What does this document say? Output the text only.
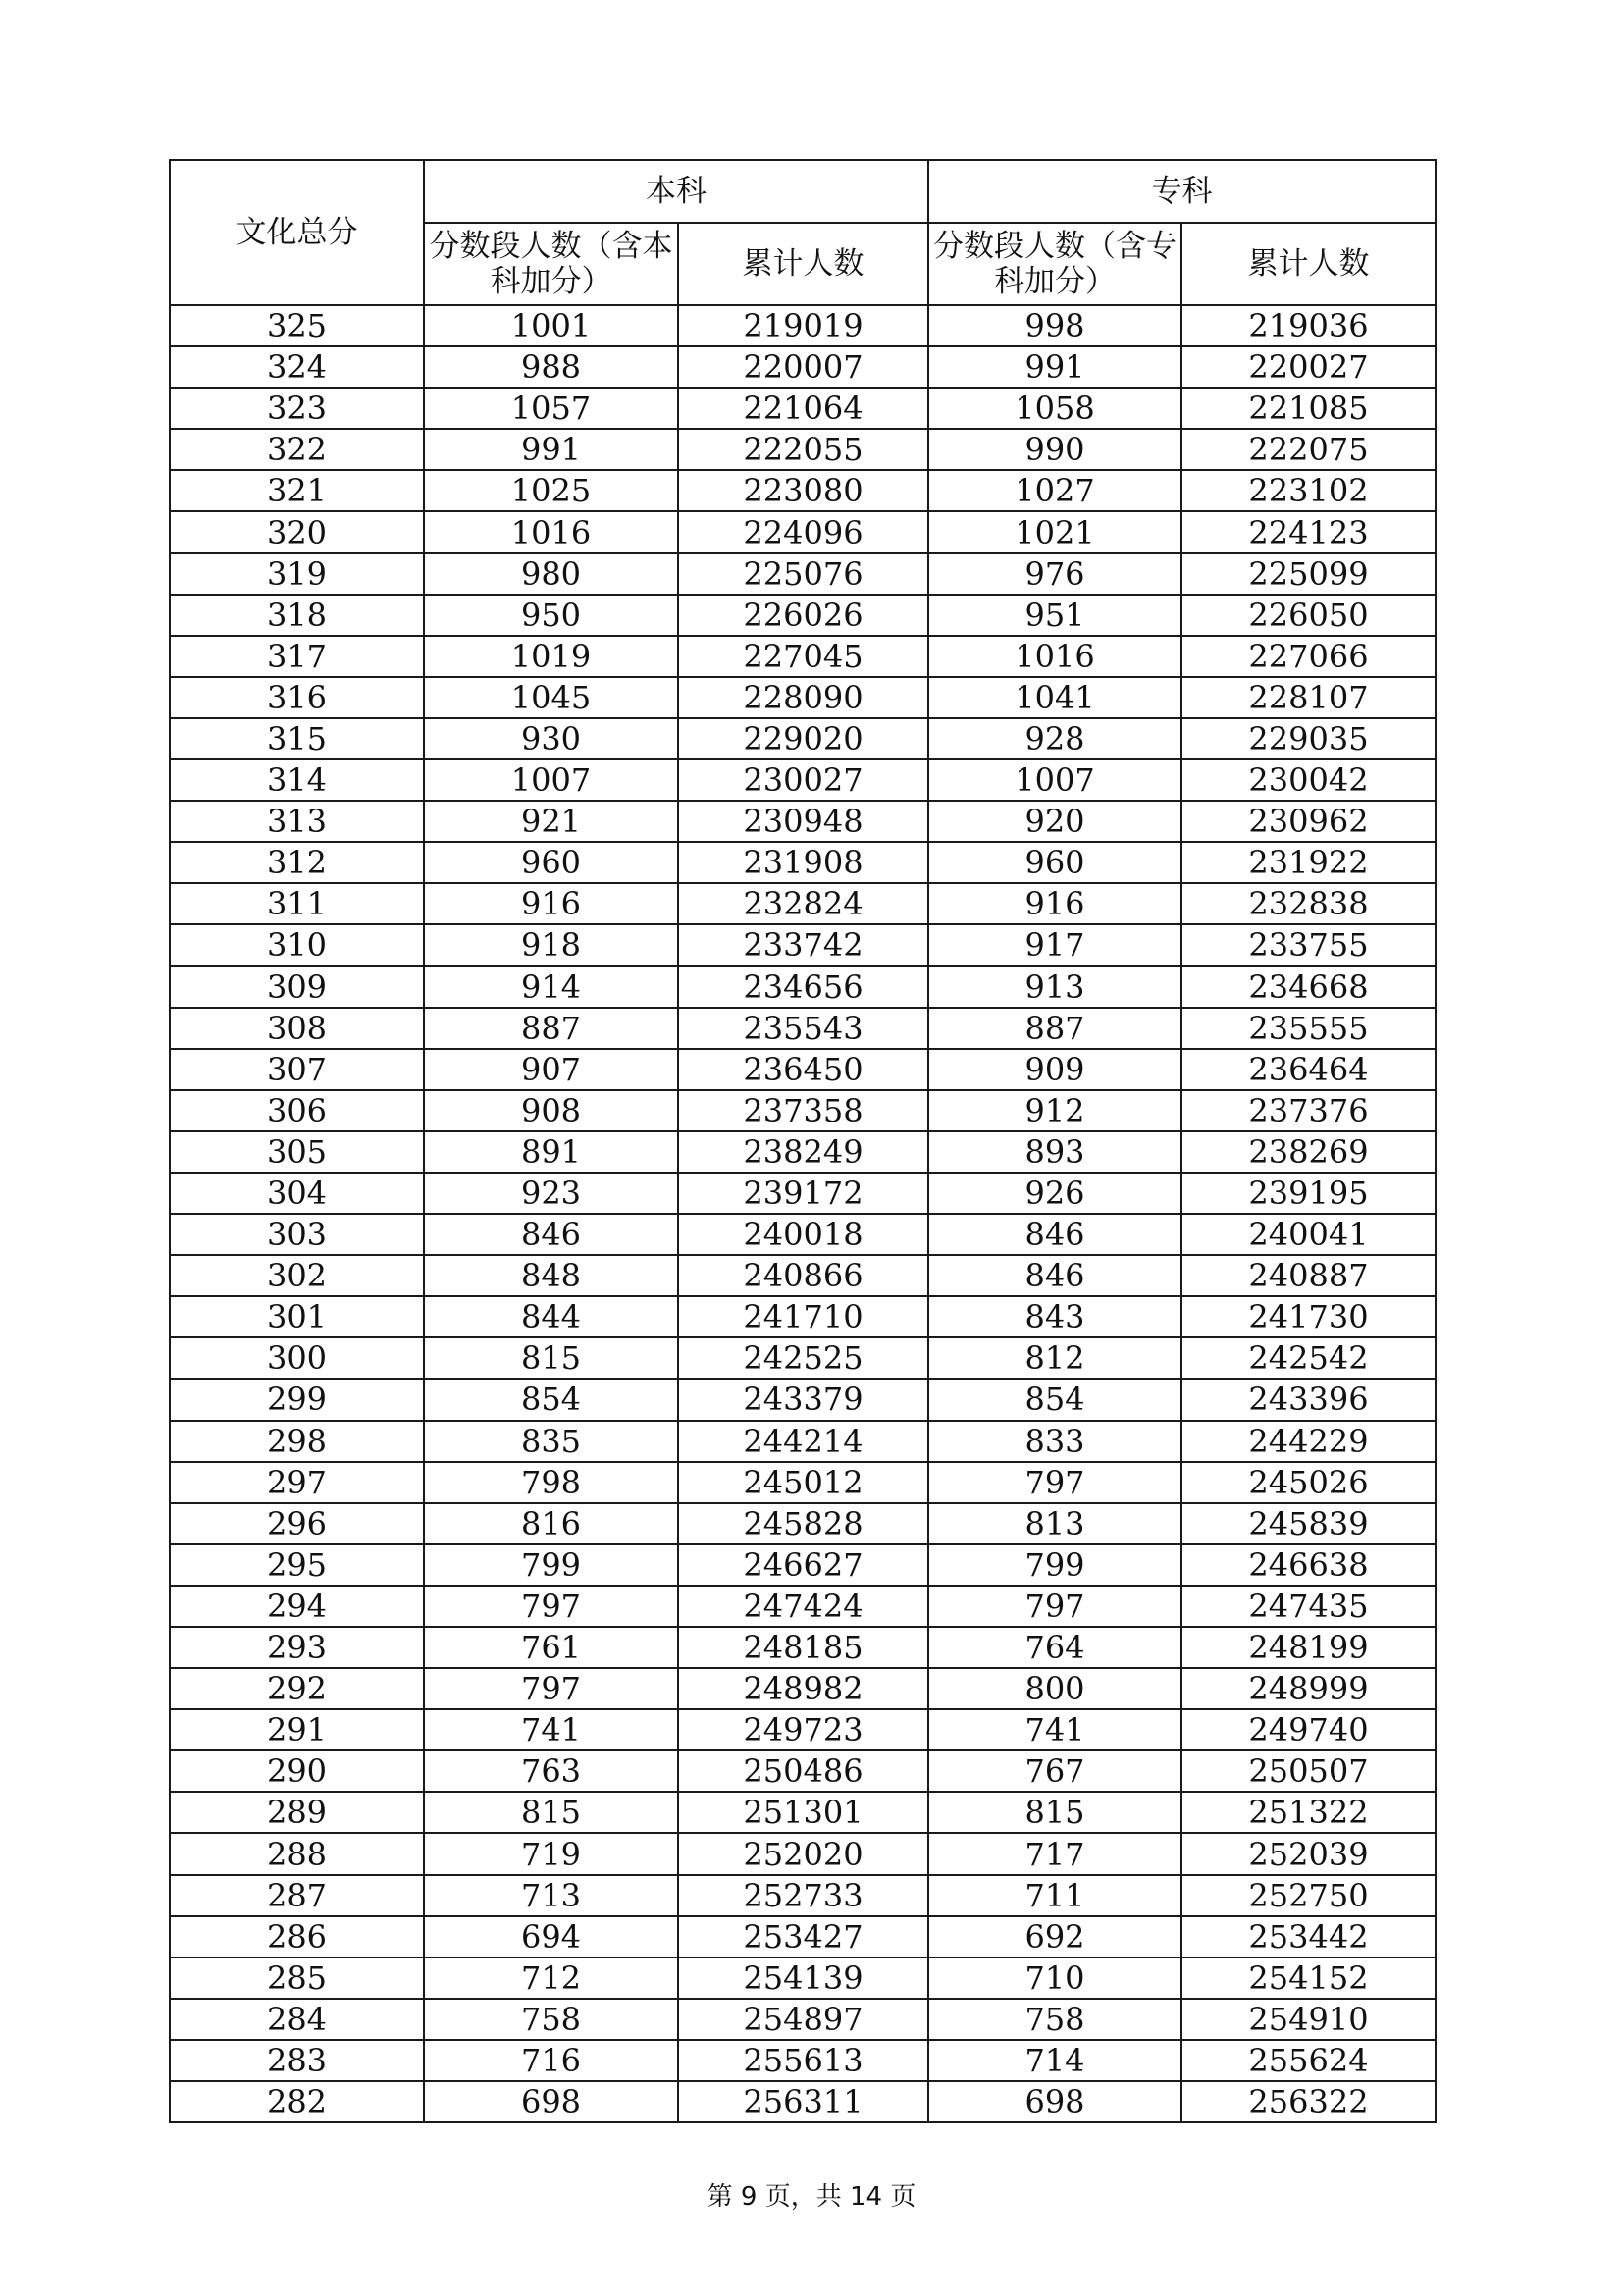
文化总分	本科		专科	
	分数段人数（含本科加分）	累计人数	分数段人数（含专科加分）	累计人数
325	1001	219019	998	219036
324	988	220007	991	220027
323	1057	221064	1058	221085
322	991	222055	990	222075
321	1025	223080	1027	223102
320	1016	224096	1021	224123
319	980	225076	976	225099
318	950	226026	951	226050
317	1019	227045	1016	227066
316	1045	228090	1041	228107
315	930	229020	928	229035
314	1007	230027	1007	230042
313	921	230948	920	230962
312	960	231908	960	231922
311	916	232824	916	232838
310	918	233742	917	233755
309	914	234656	913	234668
308	887	235543	887	235555
307	907	236450	909	236464
306	908	237358	912	237376
305	891	238249	893	238269
304	923	239172	926	239195
303	846	240018	846	240041
302	848	240866	846	240887
301	844	241710	843	241730
300	815	242525	812	242542
299	854	243379	854	243396
298	835	244214	833	244229
297	798	245012	797	245026
296	816	245828	813	245839
295	799	246627	799	246638
294	797	247424	797	247435
293	761	248185	764	248199
292	797	248982	800	248999
291	741	249723	741	249740
290	763	250486	767	250507
289	815	251301	815	251322
288	719	252020	717	252039
287	713	252733	711	252750
286	694	253427	692	253442
285	712	254139	710	254152
284	758	254897	758	254910
283	716	255613	714	255624
282	698	256311	698	256322
第 9 页，共 14 页
